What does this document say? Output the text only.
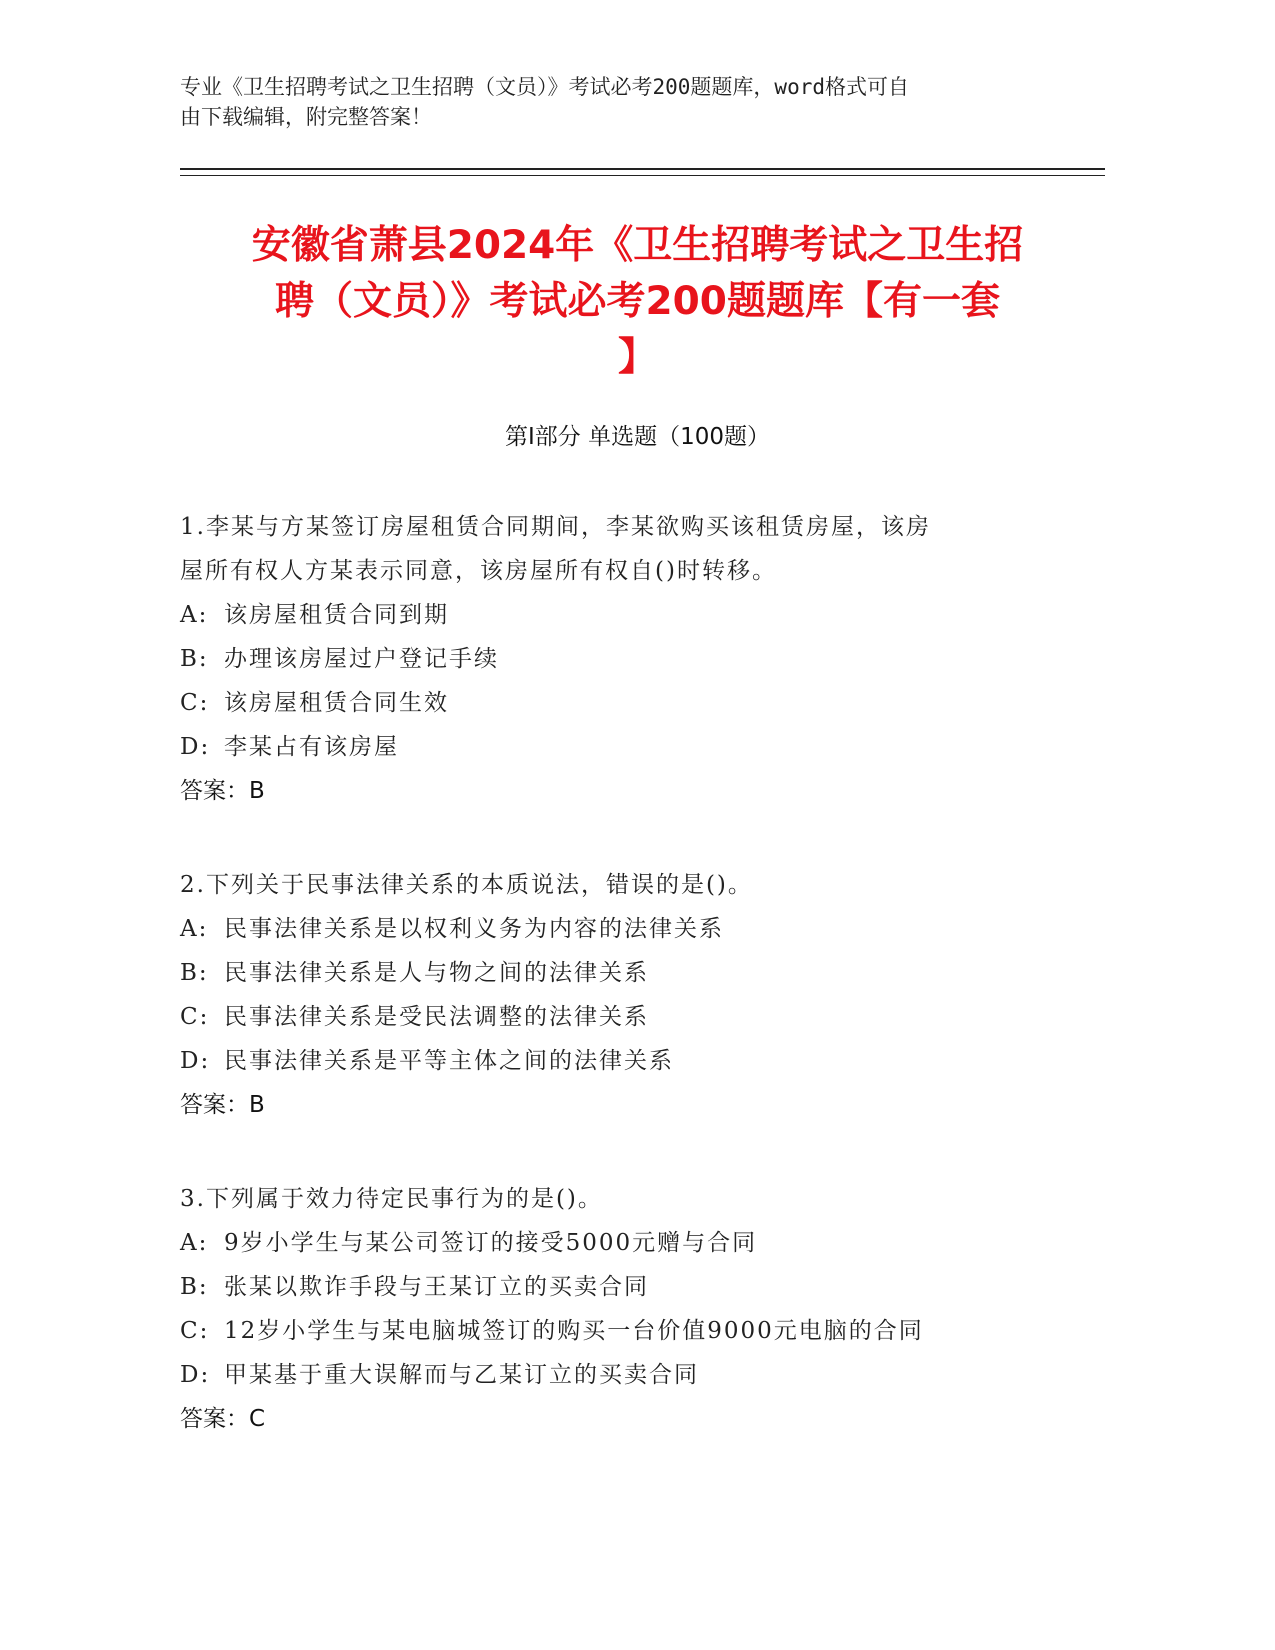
专业《卫生招聘考试之卫生招聘（文员）》考试必考200题题库，word格式可自
由下载编辑，附完整答案！
安徽省萧县2024年《卫生招聘考试之卫生招
聘（文员）》考试必考200题题库【有一套
】
第I部分 单选题（100题）
1.李某与方某签订房屋租赁合同期间，李某欲购买该租赁房屋，该房
屋所有权人方某表示同意，该房屋所有权自()时转移。
A: 该房屋租赁合同到期
B: 办理该房屋过户登记手续
C: 该房屋租赁合同生效
D: 李某占有该房屋
答案：B
2.下列关于民事法律关系的本质说法，错误的是()。
A: 民事法律关系是以权利义务为内容的法律关系
B: 民事法律关系是人与物之间的法律关系
C: 民事法律关系是受民法调整的法律关系
D: 民事法律关系是平等主体之间的法律关系
答案：B
3.下列属于效力待定民事行为的是()。
A: 9岁小学生与某公司签订的接受5000元赠与合同
B: 张某以欺诈手段与王某订立的买卖合同
C: 12岁小学生与某电脑城签订的购买一台价值9000元电脑的合同
D: 甲某基于重大误解而与乙某订立的买卖合同
答案：C
